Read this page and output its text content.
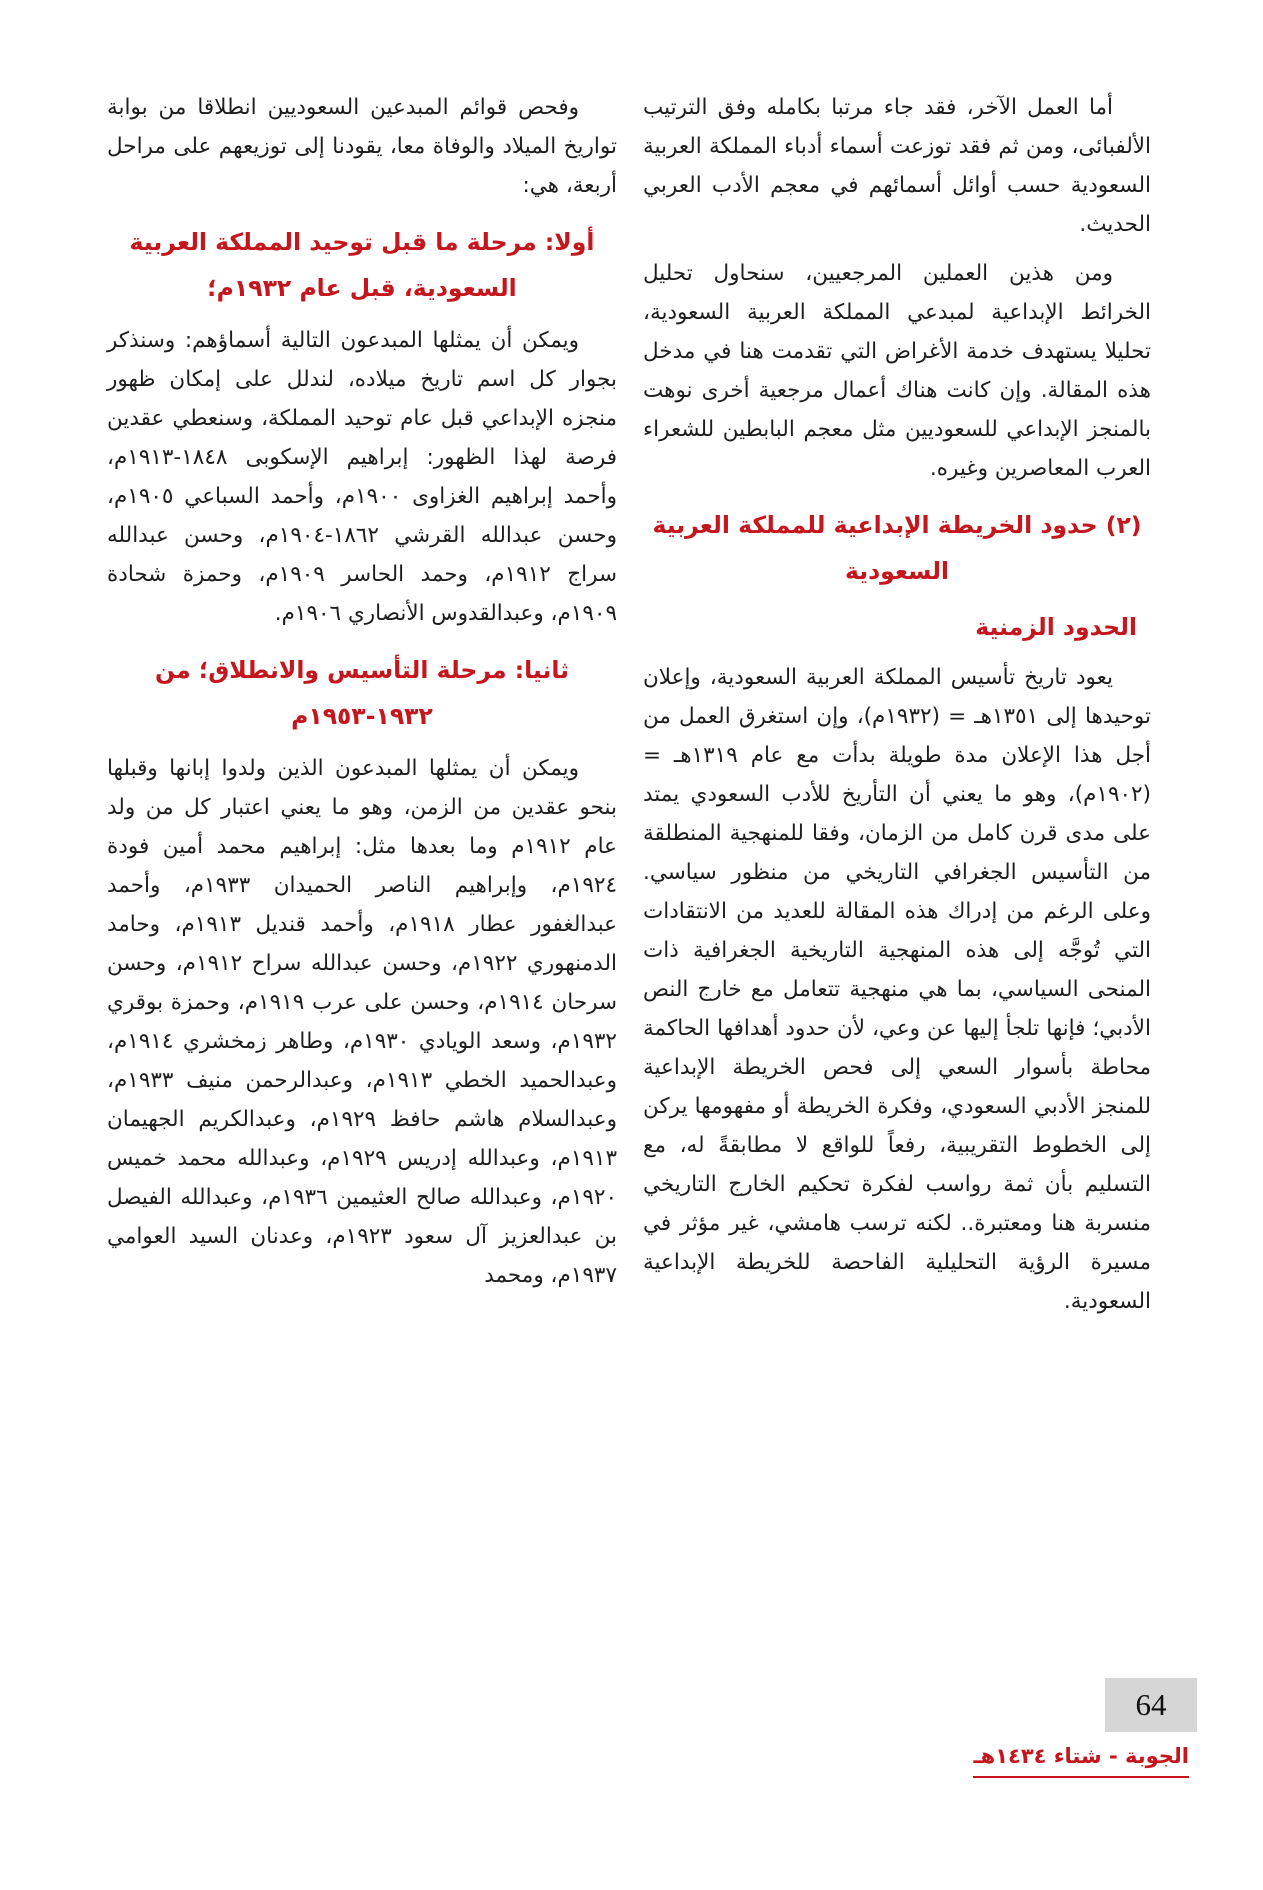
أما العمل الآخر، فقد جاء مرتبا بكامله وفق الترتيب الألفبائى، ومن ثم فقد توزعت أسماء أدباء المملكة العربية السعودية حسب أوائل أسمائهم في معجم الأدب العربي الحديث.

ومن هذين العملين المرجعيين، سنحاول تحليل الخرائط الإبداعية لمبدعي المملكة العربية السعودية، تحليلا يستهدف خدمة الأغراض التي تقدمت هنا في مدخل هذه المقالة. وإن كانت هناك أعمال مرجعية أخرى نوهت بالمنجز الإبداعي للسعوديين مثل معجم البابطين للشعراء العرب المعاصرين وغيره.

(٢) حدود الخريطة الإبداعية للمملكة العربية السعودية
الحدود الزمنية

يعود تاريخ تأسيس المملكة العربية السعودية، وإعلان توحيدها إلى ١٣٥١هـ = (١٩٣٢م)، وإن استغرق العمل من أجل هذا الإعلان مدة طويلة بدأت مع عام ١٣١٩هـ = (١٩٠٢م)، وهو ما يعني أن التأريخ للأدب السعودي يمتد على مدى قرن كامل من الزمان، وفقا للمنهجية المنطلقة من التأسيس الجغرافي التاريخي من منظور سياسي. وعلى الرغم من إدراك هذه المقالة للعديد من الانتقادات التي تُوجَّه إلى هذه المنهجية التاريخية الجغرافية ذات المنحى السياسي، بما هي منهجية تتعامل مع خارج النص الأدبي؛ فإنها تلجأ إليها عن وعي، لأن حدود أهدافها الحاكمة محاطة بأسوار السعي إلى فحص الخريطة الإبداعية للمنجز الأدبي السعودي، وفكرة الخريطة أو مفهومها يركن إلى الخطوط التقريبية، رفعاً للواقع لا مطابقةً له، مع التسليم بأن ثمة رواسب لفكرة تحكيم الخارج التاريخي منسربة هنا ومعتبرة.. لكنه ترسب هامشي، غير مؤثر في مسيرة الرؤية التحليلية الفاحصة للخريطة الإبداعية السعودية.

وفحص قوائم المبدعين السعوديين انطلاقا من بوابة تواريخ الميلاد والوفاة معا، يقودنا إلى توزيعهم على مراحل أربعة، هي:

أولا: مرحلة ما قبل توحيد المملكة العربية السعودية، قبل عام ١٩٣٢م؛

ويمكن أن يمثلها المبدعون التالية أسماؤهم: وسنذكر بجوار كل اسم تاريخ ميلاده، لندلل على إمكان ظهور منجزه الإبداعي قبل عام توحيد المملكة، وسنعطي عقدين فرصة لهذا الظهور: إبراهيم الإسكوبى ١٨٤٨-١٩١٣م، وأحمد إبراهيم الغزاوى ١٩٠٠م، وأحمد السباعي ١٩٠٥م، وحسن عبدالله القرشي ١٨٦٢-١٩٠٤م، وحسن عبدالله سراج ١٩١٢م، وحمد الحاسر ١٩٠٩م، وحمزة شحادة ١٩٠٩م، وعبدالقدوس الأنصاري ١٩٠٦م.

ثانيا: مرحلة التأسيس والانطلاق؛ من ١٩٣٢-١٩٥٣م

ويمكن أن يمثلها المبدعون الذين ولدوا إبانها وقبلها بنحو عقدين من الزمن، وهو ما يعني اعتبار كل من ولد عام ١٩١٢م وما بعدها مثل: إبراهيم محمد أمين فودة ١٩٢٤م، وإبراهيم الناصر الحميدان ١٩٣٣م، وأحمد عبدالغفور عطار ١٩١٨م، وأحمد قنديل ١٩١٣م، وحامد الدمنهوري ١٩٢٢م، وحسن عبدالله سراح ١٩١٢م، وحسن سرحان ١٩١٤م، وحسن على عرب ١٩١٩م، وحمزة بوقري ١٩٣٢م، وسعد الويادي ١٩٣٠م، وطاهر زمخشري ١٩١٤م، وعبدالحميد الخطي ١٩١٣م، وعبدالرحمن منيف ١٩٣٣م، وعبدالسلام هاشم حافظ ١٩٢٩م، وعبدالكريم الجهيمان ١٩١٣م، وعبدالله إدريس ١٩٢٩م، وعبدالله محمد خميس ١٩٢٠م، وعبدالله صالح العثيمين ١٩٣٦م، وعبدالله الفيصل بن عبدالعزيز آل سعود ١٩٢٣م، وعدنان السيد العوامي ١٩٣٧م، ومحمد

64
الجوبة - شتاء ١٤٣٤هـ
